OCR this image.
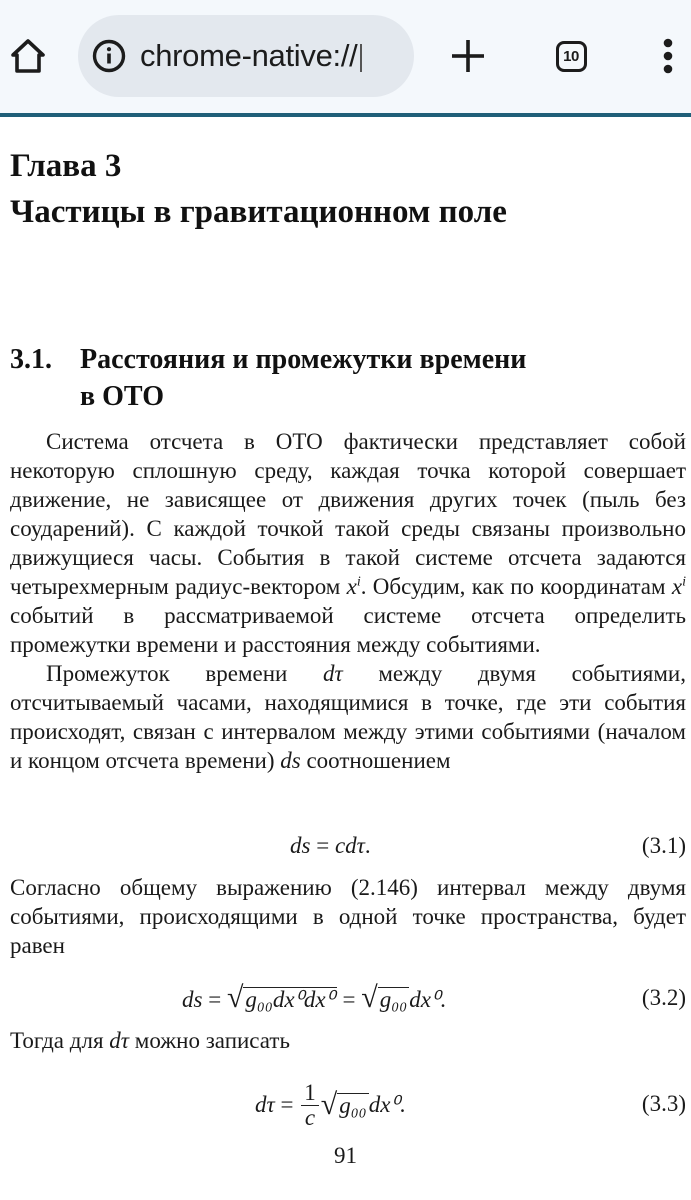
chrome-native://	10
Глава 3
Частицы в гравитационном поле
3.1.	Расстояния и промежутки времени
в ОТО

Система отсчета в ОТО фактически представляет собой некоторую сплошную среду, каждая точка которой совершает движение, не зависящее от движения других точек (пыль без соударений). С каждой точкой такой среды связаны произвольно движущиеся часы. События в такой системе отсчета задаются четырехмерным радиус-вектором $x^i$. Обсудим, как по координатам $x^i$ событий в рассматриваемой системе отсчета определить промежутки времени и расстояния между событиями.

Промежуток времени dτ между двумя событиями, отсчитываемый часами, находящимися в точке, где эти события происходят, связан с интервалом между этими событиями (началом и концом отсчета времени) ds соотношением

ds = cdτ.	(3.1)

Согласно общему выражению (2.146) интервал между двумя событиями, происходящими в одной точке пространства, будет равен

ds = √g₀₀dx⁰dx⁰ = √g₀₀dx⁰.	(3.2)

Тогда для dτ можно записать

$d\tau = \frac{1}{c}$ √ g₀₀ dx⁰ .	(3.3)
91
